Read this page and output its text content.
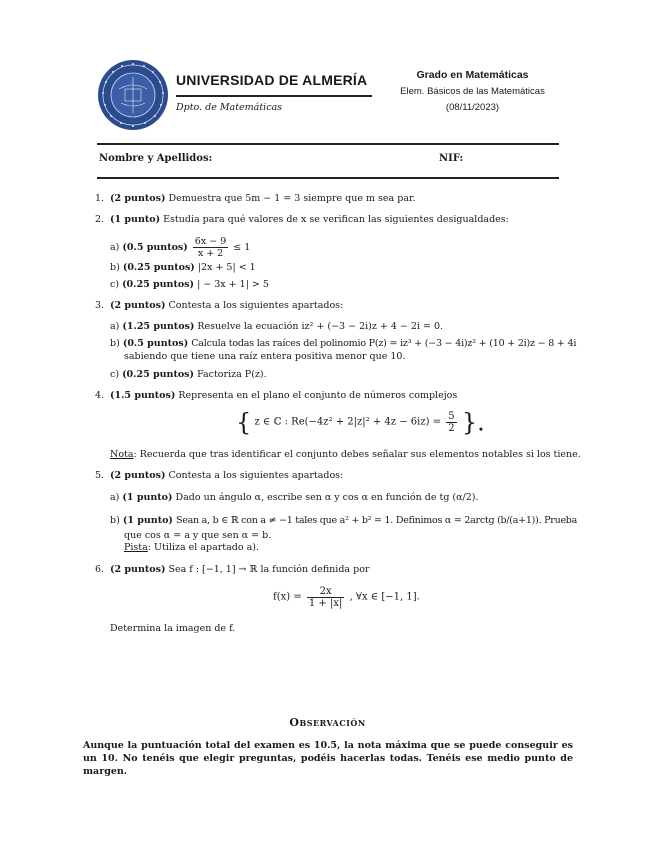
UNIVERSIDAD DE ALMERÍA
Dpto. de Matemáticas
Grado en Matemáticas
Elem. Básicos de las Matemáticas
(08/11/2023)
Nombre y Apellidos:	NIF:
1. (2 puntos) Demuestra que 5m − 1 = 3 siempre que m sea par.
2. (1 punto) Estudia para qué valores de x se verifican las siguientes desigualdades:
a) (0.5 puntos) $\frac{6x - 9}{x + 2} \le 1$
b) (0.25 puntos) |2x + 5| < 1
c) (0.25 puntos) | − 3x + 1| > 5
3. (2 puntos) Contesta a los siguientes apartados:
a) (1.25 puntos) Resuelve la ecuación iz² + (−3 − 2i)z + 4 − 2i = 0.
b) (0.5 puntos) Calcula todas las raíces del polinomio P(z) = iz³ + (−3 − 4i)z² + (10 + 2i)z − 8 + 4i
sabiendo que tiene una raíz entera positiva menor que 10.
c) (0.25 puntos) Factoriza P(z).
4. (1.5 puntos) Representa en el plano el conjunto de números complejos
{ z ∈ ℂ : $Re(-4z^2 + 2|z|^2 + 4z - 6iz) = \frac{5}{2}$ }.
Nota: Recuerda que tras identificar el conjunto debes señalar sus elementos notables si los tiene.
5. (2 puntos) Contesta a los siguientes apartados:
a) (1 punto) Dado un ángulo α, escribe sen α y cos α en función de tg (α/2).
b) (1 punto) Sean a, b ∈ ℝ con a ≠ −1 tales que a² + b² = 1. Definimos α = 2arctg (b/(a+1)). Prueba
que cos α = a y que sen α = b.
Pista: Utiliza el apartado a).
6. (2 puntos) Sea f : [−1, 1] → ℝ la función definida por
$f(x) = \frac{2x}{1 + |x|}$ , ∀x ∈ [−1, 1].
Determina la imagen de f.
Observación
Aunque la puntuación total del examen es 10.5, la nota máxima que se puede conseguir es un 10. No tenéis que elegir preguntas, podéis hacerlas todas. Tenéis ese medio punto de margen.
